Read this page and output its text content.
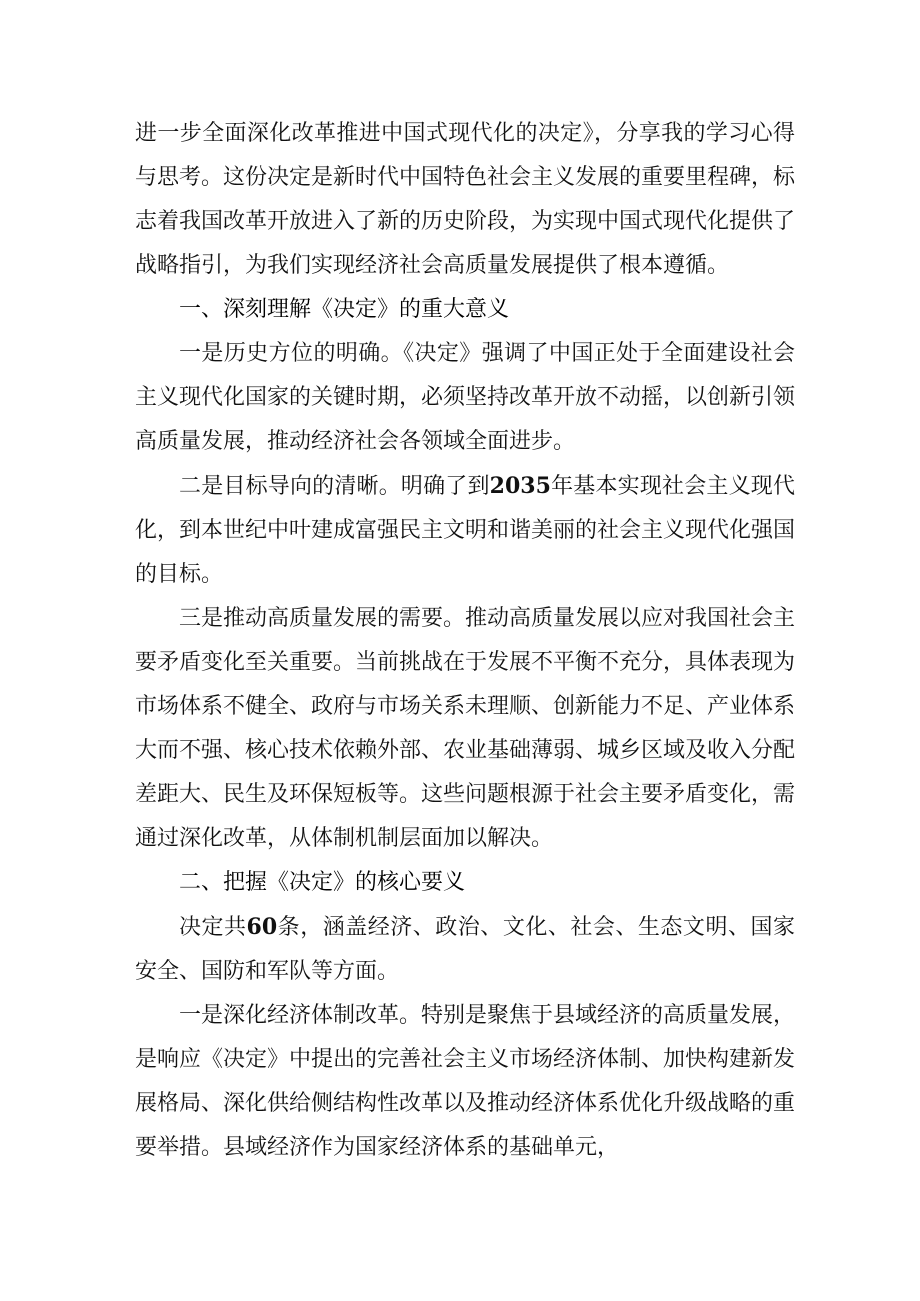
进一步全面深化改革推进中国式现代化的决定》，分享我的学习心得与思考。这份决定是新时代中国特色社会主义发展的重要里程碑，标志着我国改革开放进入了新的历史阶段，为实现中国式现代化提供了战略指引，为我们实现经济社会高质量发展提供了根本遵循。

一、深刻理解《决定》的重大意义

一是历史方位的明确。《决定》强调了中国正处于全面建设社会主义现代化国家的关键时期，必须坚持改革开放不动摇，以创新引领高质量发展，推动经济社会各领域全面进步。

二是目标导向的清晰。明确了到2035年基本实现社会主义现代化，到本世纪中叶建成富强民主文明和谐美丽的社会主义现代化强国的目标。

三是推动高质量发展的需要。推动高质量发展以应对我国社会主要矛盾变化至关重要。当前挑战在于发展不平衡不充分，具体表现为市场体系不健全、政府与市场关系未理顺、创新能力不足、产业体系大而不强、核心技术依赖外部、农业基础薄弱、城乡区域及收入分配差距大、民生及环保短板等。这些问题根源于社会主要矛盾变化，需通过深化改革，从体制机制层面加以解决。

二、把握《决定》的核心要义

决定共60条，涵盖经济、政治、文化、社会、生态文明、国家安全、国防和军队等方面。

一是深化经济体制改革。特别是聚焦于县域经济的高质量发展，是响应《决定》中提出的完善社会主义市场经济体制、加快构建新发展格局、深化供给侧结构性改革以及推动经济体系优化升级战略的重要举措。县域经济作为国家经济体系的基础单元，
